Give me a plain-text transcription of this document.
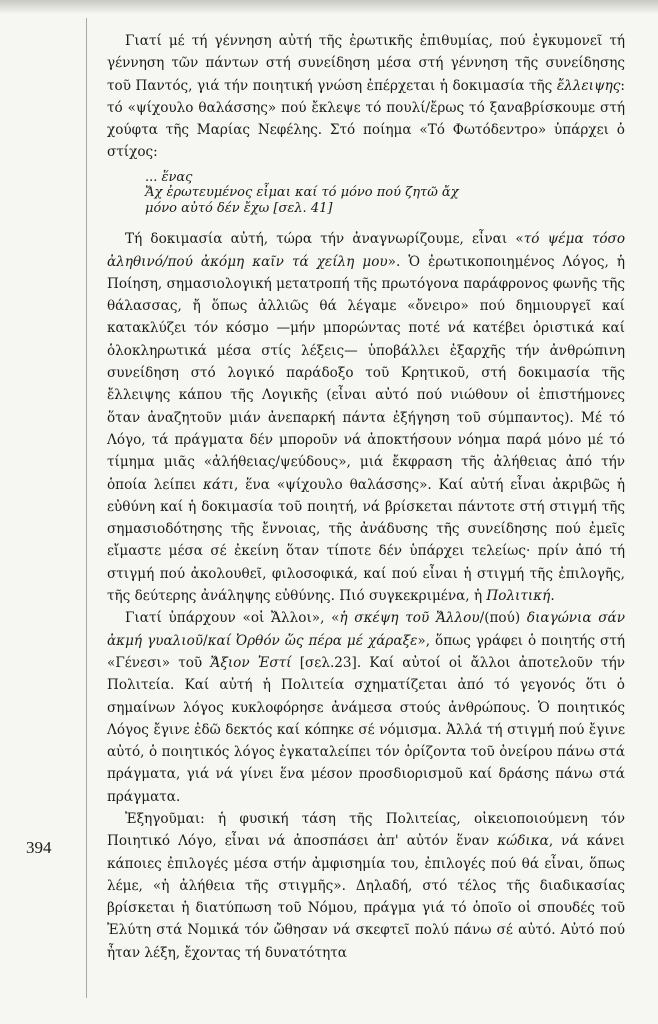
Γιατί μέ τή γέννηση αὐτή τῆς ἐρωτικῆς ἐπιθυμίας, πού ἐγκυμονεῖ τή γέννηση τῶν πάντων στή συνείδηση μέσα στή γέννηση τῆς συνείδησης τοῦ Παντός, γιά τήν ποιητική γνώση ἐπέρχεται ἡ δοκιμασία τῆς ἔλλειψης: τό «ψίχουλο θαλάσσης» πού ἔκλεψε τό πουλί/ἔρως τό ξαναβρίσκουμε στή χούφτα τῆς Μαρίας Νεφέλης. Στό ποίημα «Τό Φωτόδεντρο» ὑπάρχει ὁ στίχος:

... ἕνας
Ἄχ ἐρωτευμένος εἶμαι καί τό μόνο πού ζητῶ ἄχ
μόνο αὐτό δέν ἔχω [σελ. 41]

Τή δοκιμασία αὐτή, τώρα τήν ἀναγνωρίζουμε, εἶναι «τό ψέμα τόσο ἀληθινό/πού ἀκόμη καῖν τά χείλη μου». Ὁ ἐρωτικοποιημένος Λόγος, ἡ Ποίηση, σημασιολογική μετατροπή τῆς πρωτόγονα παράφρονος φωνῆς τῆς θάλασσας, ἤ ὅπως ἀλλιῶς θά λέγαμε «ὄνειρο» πού δημιουργεῖ καί κατακλύζει τόν κόσμο —μήν μπορώντας ποτέ νά κατέβει ὁριστικά καί ὁλοκληρωτικά μέσα στίς λέξεις— ὑποβάλλει ἐξαρχῆς τήν ἀνθρώπινη συνείδηση στό λογικό παράδοξο τοῦ Κρητικοῦ, στή δοκιμασία τῆς ἔλλειψης κάπου τῆς Λογικῆς (εἶναι αὐτό πού νιώθουν οἱ ἐπιστήμονες ὅταν ἀναζητοῦν μιάν ἀνεπαρκή πάντα ἐξήγηση τοῦ σύμπαντος). Μέ τό Λόγο, τά πράγματα δέν μποροῦν νά ἀποκτήσουν νόημα παρά μόνο μέ τό τίμημα μιᾶς «ἀλήθειας/ψεύδους», μιά ἔκφραση τῆς ἀλήθειας ἀπό τήν ὁποία λείπει κάτι, ἕνα «ψίχουλο θαλάσσης». Καί αὐτή εἶναι ἀκριβῶς ἡ εὐθύνη καί ἡ δοκιμασία τοῦ ποιητή, νά βρίσκεται πάντοτε στή στιγμή τῆς σημασιοδότησης τῆς ἔννοιας, τῆς ἀνάδυσης τῆς συνείδησης πού ἐμεῖς εἴμαστε μέσα σέ ἐκείνη ὅταν τίποτε δέν ὑπάρχει τελείως· πρίν ἀπό τή στιγμή πού ἀκολουθεῖ, φιλοσοφικά, καί πού εἶναι ἡ στιγμή τῆς ἐπιλογῆς, τῆς δεύτερης ἀνάληψης εὐθύνης. Πιό συγκεκριμένα, ἡ Πολιτική.

Γιατί ὑπάρχουν «οἱ Ἄλλοι», «ἡ σκέψη τοῦ Ἄλλου/(πού) διαγώνια σάν ἀκμή γυαλιοῦ/καί Ὀρθόν ὥς πέρα μέ χάραξε», ὅπως γράφει ὁ ποιητής στή «Γένεσι» τοῦ Ἄξιον Ἐστί [σελ.23]. Καί αὐτοί οἱ ἄλλοι ἀποτελοῦν τήν Πολιτεία. Καί αὐτή ἡ Πολιτεία σχηματίζεται ἀπό τό γεγονός ὅτι ὁ σημαίνων λόγος κυκλοφόρησε ἀνάμεσα στούς ἀνθρώπους. Ὁ ποιητικός Λόγος ἔγινε ἐδῶ δεκτός καί κόπηκε σέ νόμισμα. Ἀλλά τή στιγμή πού ἔγινε αὐτό, ὁ ποιητικός λόγος ἐγκαταλείπει τόν ὁρίζοντα τοῦ ὀνείρου πάνω στά πράγματα, γιά νά γίνει ἕνα μέσον προσδιορισμοῦ καί δράσης πάνω στά πράγματα.

Ἐξηγοῦμαι: ἡ φυσική τάση τῆς Πολιτείας, οἰκειοποιούμενη τόν Ποιητικό Λόγο, εἶναι νά ἀποσπάσει ἀπ' αὐτόν ἕναν κώδικα, νά κάνει κάποιες ἐπιλογές μέσα στήν ἀμφισημία του, ἐπιλογές πού θά εἶναι, ὅπως λέμε, «ἡ ἀλήθεια τῆς στιγμῆς». Δηλαδή, στό τέλος τῆς διαδικασίας βρίσκεται ἡ διατύπωση τοῦ Νόμου, πράγμα γιά τό ὁποῖο οἱ σπουδές τοῦ Ἐλύτη στά Νομικά τόν ὤθησαν νά σκεφτεῖ πολύ πάνω σέ αὐτό. Αὐτό πού ἦταν λέξη, ἔχοντας τή δυνατότητα

394
